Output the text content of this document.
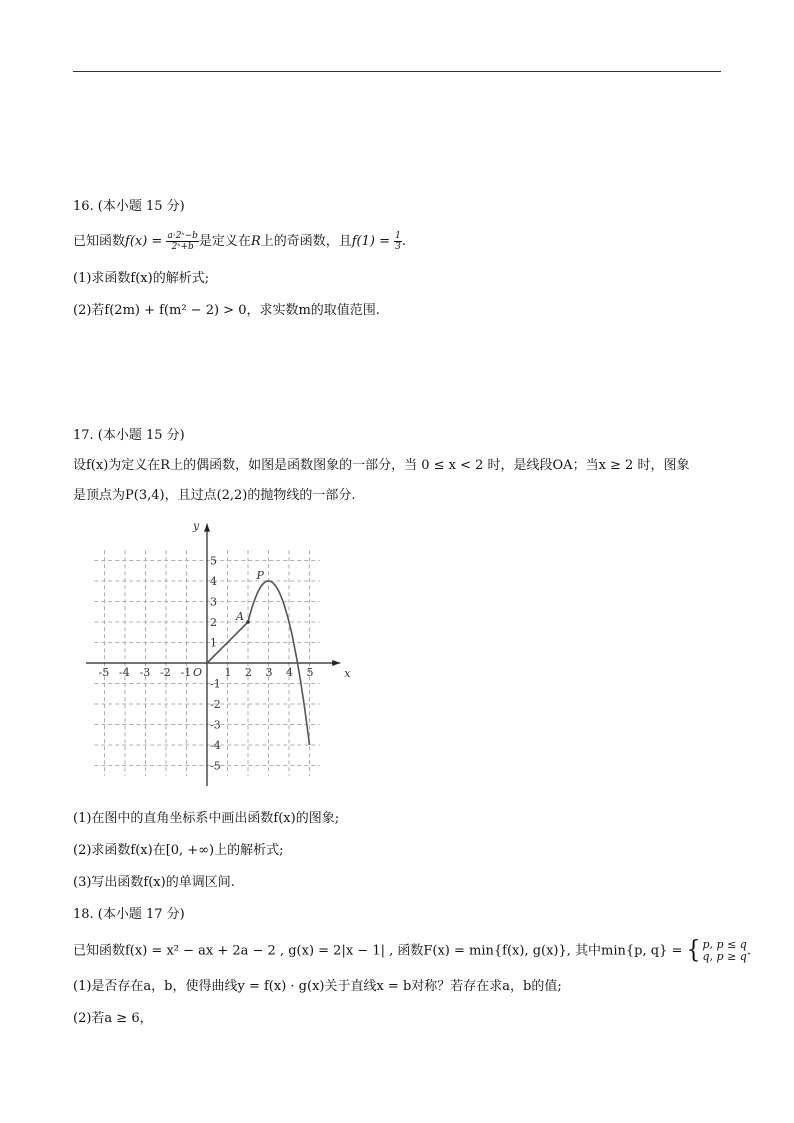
16. (本小题 15 分)
已知函数$f(x) = \frac{\text{a·2ˣ−b}}{\text{2ˣ+b}}$ 是定义在R上的奇函数，且$f(1) = \frac{1}{3}$ .
(1)求函数f(x)的解析式;
(2)若f(2m) + f(m² − 2) > 0，求实数m的取值范围.
17. (本小题 15 分)
设f(x)为定义在R上的偶函数，如图是函数图象的一部分，当 0 ≤ x < 2 时，是线段OA；当x ≥ 2 时，图象
是顶点为P(3,4)，且过点(2,2)的抛物线的一部分.
-5 -4 -3 -2 -1	1 2 3 4 5
5
4
3
2
1
-1
-2
-3
-4
-5
A
P
O	x
y
(1)在图中的直角坐标系中画出函数f(x)的图象;
(2)求函数f(x)在[0, +∞)上的解析式;
(3)写出函数f(x)的单调区间.
18. (本小题 17 分)
已知函数f(x) = x² − ax + 2a − 2 , g(x) = 2|x − 1| , 函数F(x) = min{f(x), g(x)}, 其中min{p, q} = { p, p ≤ q
q, p ≥ q .
(1)是否存在a，b，使得曲线y = f(x) · g(x)关于直线x = b对称？若存在求a，b的值;
(2)若a ≥ 6，
